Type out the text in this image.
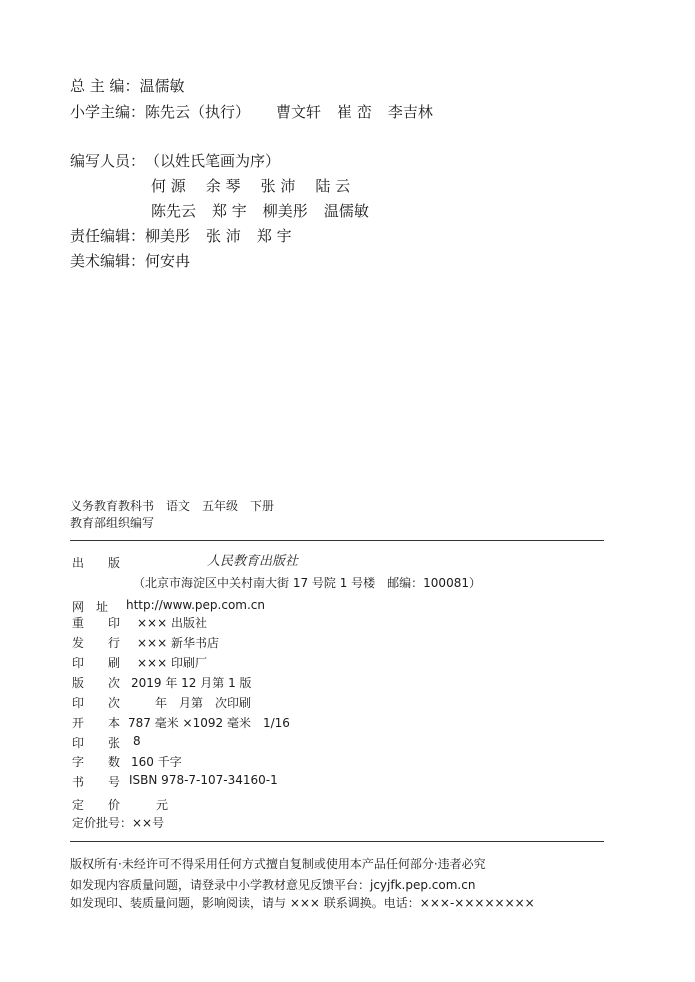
总 主 编：温儒敏
小学主编：陈先云（执行） 曹文轩 崔 峦 李吉林
编写人员：（以姓氏笔画为序）
何 源 余 琴 张 沛 陆 云
陈先云 郑 宇 柳美彤 温儒敏
责任编辑：柳美彤 张 沛 郑 宇
美术编辑：何安冉
义务教育教科书　语文　五年级　下册
教育部组织编写
出　　版	人民教育出版社
（北京市海淀区中关村南大街 17 号院 1 号楼　邮编：100081）
网　址 http://www.pep.com.cn
重　　印 ××× 出版社
发　　行 ××× 新华书店
印　　刷 ××× 印刷厂
版　　次 2019 年 12 月第 1 版
印　　次 　　年　月第　次印刷
开　　本 787 毫米 ×1092 毫米　1/16
印　　张 8
字　　数 160 千字
书　　号 ISBN 978-7-107-34160-1
定　　价	元
定价批号：××号
版权所有·未经许可不得采用任何方式擅自复制或使用本产品任何部分·违者必究
如发现内容质量问题，请登录中小学教材意见反馈平台：jcyjfk.pep.com.cn
如发现印、装质量问题，影响阅读，请与 ××× 联系调换。电话：×××-××××××××
